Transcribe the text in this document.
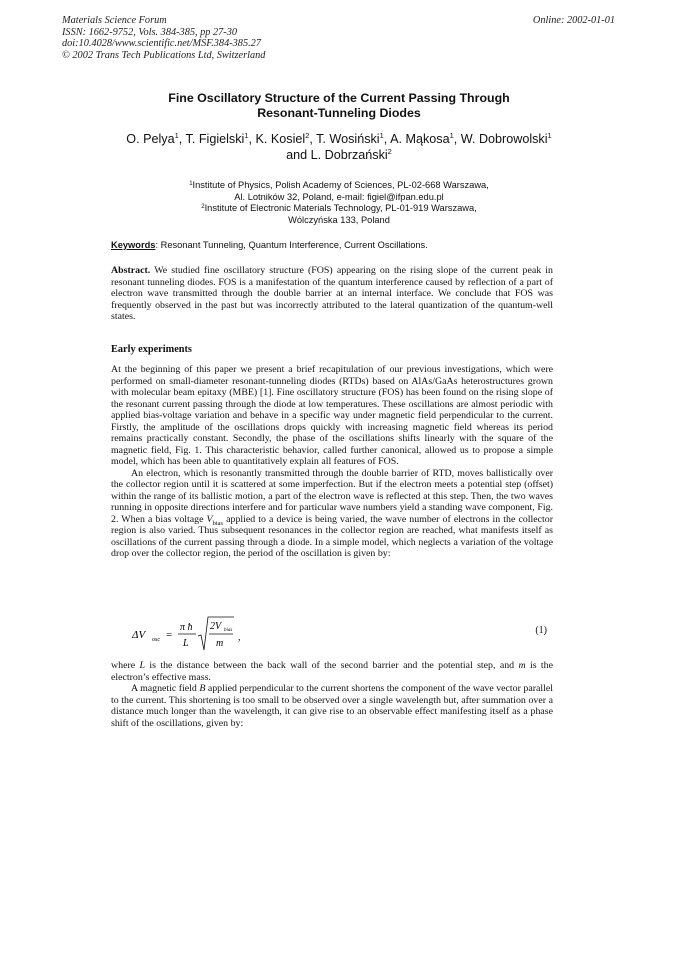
Materials Science Forum
ISSN: 1662-9752, Vols. 384-385, pp 27-30
doi:10.4028/www.scientific.net/MSF.384-385.27
© 2002 Trans Tech Publications Ltd, Switzerland
Online: 2002-01-01
Fine Oscillatory Structure of the Current Passing Through
Resonant-Tunneling Diodes
O. Pelya$^1$, T. Figielski$^1$, K. Kosiel$^2$, T. Wosiński$^1$, A. Mąkosa$^1$, W. Dobrowolski$^1$
and L. Dobrzański$^2$
$^1$Institute of Physics, Polish Academy of Sciences, PL-02-668 Warszawa,
Al. Lotników 32, Poland, e-mail: figiel@ifpan.edu.pl
$^2$Institute of Electronic Materials Technology, PL-01-919 Warszawa,
Wólczyńska 133, Poland
Keywords: Resonant Tunneling, Quantum Interference, Current Oscillations.

Abstract. We studied fine oscillatory structure (FOS) appearing on the rising slope of the current peak in resonant tunneling diodes. FOS is a manifestation of the quantum interference caused by reflection of a part of electron wave transmitted through the double barrier at an internal interface. We conclude that FOS was frequently observed in the past but was incorrectly attributed to the lateral quantization of the quantum-well states.

Early experiments

At the beginning of this paper we present a brief recapitulation of our previous investigations, which were performed on small-diameter resonant-tunneling diodes (RTDs) based on AlAs/GaAs heterostructures grown with molecular beam epitaxy (MBE) [1]. Fine oscillatory structure (FOS) has been found on the rising slope of the resonant current passing through the diode at low temperatures. These oscillations are almost periodic with applied bias-voltage variation and behave in a specific way under magnetic field perpendicular to the current. Firstly, the amplitude of the oscillations drops quickly with increasing magnetic field whereas its period remains practically constant. Secondly, the phase of the oscillations shifts linearly with the square of the magnetic field, Fig. 1. This characteristic behavior, called further canonical, allowed us to propose a simple model, which has been able to quantitatively explain all features of FOS.

An electron, which is resonantly transmitted through the double barrier of RTD, moves ballistically over the collector region until it is scattered at some imperfection. But if the electron meets a potential step (offset) within the range of its ballistic motion, a part of the electron wave is reflected at this step. Then, the two waves running in opposite directions interfere and for particular wave numbers yield a standing wave component, Fig. 2. When a bias voltage $V_{bias}$ applied to a device is being varied, the wave number of electrons in the collector region is also varied. Thus subsequent resonances in the collector region are reached, what manifests itself as oscillations of the current passing through a diode. In a simple model, which neglects a variation of the voltage drop over the collector region, the period of the oscillation is given by:

ΔV osc =
π ħ
L
2V bias
m
,
(1)

where L is the distance between the back wall of the second barrier and the potential step, and m is the electron’s effective mass.

A magnetic field B applied perpendicular to the current shortens the component of the wave vector parallel to the current. This shortening is too small to be observed over a single wavelength but, after summation over a distance much longer than the wavelength, it can give rise to an observable effect manifesting itself as a phase shift of the oscillations, given by:
